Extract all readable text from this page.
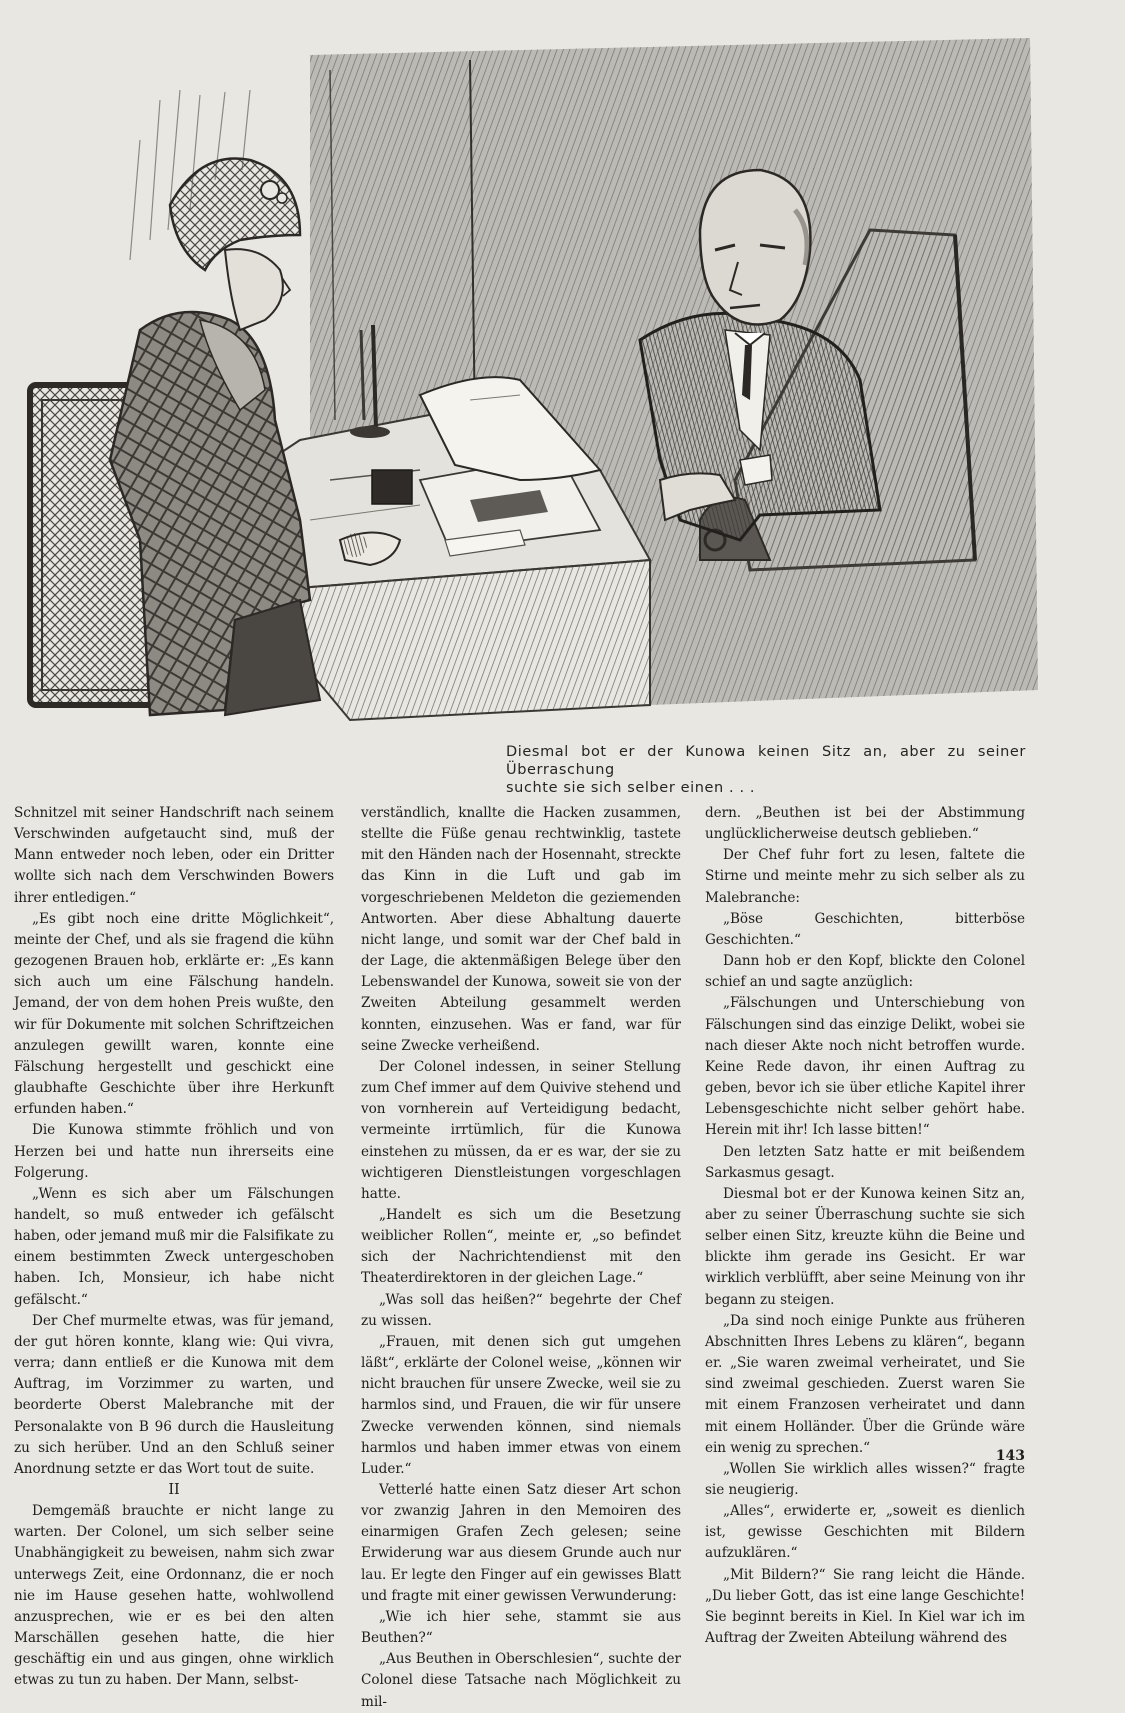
Diesmal bot er der Kunowa keinen Sitz an, aber zu seiner Überraschung
suchte sie sich selber einen . . .

Schnitzel mit seiner Handschrift nach seinem Verschwinden aufgetaucht sind, muß der Mann entweder noch leben, oder ein Dritter wollte sich nach dem Verschwinden Bowers ihrer entledigen.“

„Es gibt noch eine dritte Möglichkeit“, meinte der Chef, und als sie fragend die kühn gezogenen Brauen hob, erklärte er: „Es kann sich auch um eine Fälschung handeln. Jemand, der von dem hohen Preis wußte, den wir für Dokumente mit solchen Schriftzeichen anzulegen gewillt waren, konnte eine Fälschung hergestellt und geschickt eine glaubhafte Geschichte über ihre Herkunft erfunden haben.“

Die Kunowa stimmte fröhlich und von Herzen bei und hatte nun ihrerseits eine Folgerung.

„Wenn es sich aber um Fälschungen handelt, so muß entweder ich gefälscht haben, oder jemand muß mir die Falsifikate zu einem bestimmten Zweck untergeschoben haben. Ich, Monsieur, ich habe nicht gefälscht.“

Der Chef murmelte etwas, was für jemand, der gut hören konnte, klang wie: Qui vivra, verra; dann entließ er die Kunowa mit dem Auftrag, im Vorzimmer zu warten, und beorderte Oberst Malebranche mit der Personalakte von B 96 durch die Hausleitung zu sich herüber. Und an den Schluß seiner Anordnung setzte er das Wort tout de suite.

II

Demgemäß brauchte er nicht lange zu warten. Der Colonel, um sich selber seine Unabhängigkeit zu beweisen, nahm sich zwar unterwegs Zeit, eine Ordonnanz, die er noch nie im Hause gesehen hatte, wohlwollend anzusprechen, wie er es bei den alten Marschällen gesehen hatte, die hier geschäftig ein und aus gingen, ohne wirklich etwas zu tun zu haben. Der Mann, selbst-

verständlich, knallte die Hacken zusammen, stellte die Füße genau rechtwinklig, tastete mit den Händen nach der Hosennaht, streckte das Kinn in die Luft und gab im vorgeschriebenen Meldeton die geziemenden Antworten. Aber diese Abhaltung dauerte nicht lange, und somit war der Chef bald in der Lage, die aktenmäßigen Belege über den Lebenswandel der Kunowa, soweit sie von der Zweiten Abteilung gesammelt werden konnten, einzusehen. Was er fand, war für seine Zwecke verheißend.

Der Colonel indessen, in seiner Stellung zum Chef immer auf dem Quivive stehend und von vornherein auf Verteidigung bedacht, vermeinte irrtümlich, für die Kunowa einstehen zu müssen, da er es war, der sie zu wichtigeren Dienstleistungen vorgeschlagen hatte.

„Handelt es sich um die Besetzung weiblicher Rollen“, meinte er, „so befindet sich der Nachrichtendienst mit den Theaterdirektoren in der gleichen Lage.“

„Was soll das heißen?“ begehrte der Chef zu wissen.

„Frauen, mit denen sich gut umgehen läßt“, erklärte der Colonel weise, „können wir nicht brauchen für unsere Zwecke, weil sie zu harmlos sind, und Frauen, die wir für unsere Zwecke verwenden können, sind niemals harmlos und haben immer etwas von einem Luder.“

Vetterlé hatte einen Satz dieser Art schon vor zwanzig Jahren in den Memoiren des einarmigen Grafen Zech gelesen; seine Erwiderung war aus diesem Grunde auch nur lau. Er legte den Finger auf ein gewisses Blatt und fragte mit einer gewissen Verwunderung:

„Wie ich hier sehe, stammt sie aus Beuthen?“

„Aus Beuthen in Oberschlesien“, suchte der Colonel diese Tatsache nach Möglichkeit zu mil-

dern. „Beuthen ist bei der Abstimmung unglücklicherweise deutsch geblieben.“

Der Chef fuhr fort zu lesen, faltete die Stirne und meinte mehr zu sich selber als zu Malebranche:

„Böse Geschichten, bitterböse Geschichten.“

Dann hob er den Kopf, blickte den Colonel schief an und sagte anzüglich:

„Fälschungen und Unterschiebung von Fälschungen sind das einzige Delikt, wobei sie nach dieser Akte noch nicht betroffen wurde. Keine Rede davon, ihr einen Auftrag zu geben, bevor ich sie über etliche Kapitel ihrer Lebensgeschichte nicht selber gehört habe. Herein mit ihr! Ich lasse bitten!“

Den letzten Satz hatte er mit beißendem Sarkasmus gesagt.

Diesmal bot er der Kunowa keinen Sitz an, aber zu seiner Überraschung suchte sie sich selber einen Sitz, kreuzte kühn die Beine und blickte ihm gerade ins Gesicht. Er war wirklich verblüfft, aber seine Meinung von ihr begann zu steigen.

„Da sind noch einige Punkte aus früheren Abschnitten Ihres Lebens zu klären“, begann er. „Sie waren zweimal verheiratet, und Sie sind zweimal geschieden. Zuerst waren Sie mit einem Franzosen verheiratet und dann mit einem Holländer. Über die Gründe wäre ein wenig zu sprechen.“

„Wollen Sie wirklich alles wissen?“ fragte sie neugierig.

„Alles“, erwiderte er, „soweit es dienlich ist, gewisse Geschichten mit Bildern aufzuklären.“

„Mit Bildern?“ Sie rang leicht die Hände. „Du lieber Gott, das ist eine lange Geschichte! Sie beginnt bereits in Kiel. In Kiel war ich im Auftrag der Zweiten Abteilung während des

143
